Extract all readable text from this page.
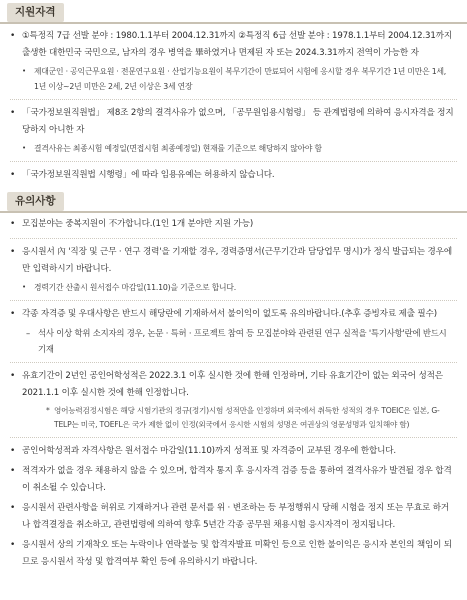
지원자격
• ①특정직 7급 선발 분야 : 1980.1.1부터 2004.12.31까지 ②특정직 6급 선발 분야 : 1978.1.1부터 2004.12.31까지 출생한 대한민국 국민으로, 남자의 경우 병역을 畢하였거나 면제된 자 또는 2024.3.31까지 전역이 가능한 자
•	제대군인 · 공익근무요원 · 전문연구요원 · 산업기능요원이 복무기간이 만료되어 시험에 응시할 경우 복무기간 1년 미만은 1세, 1년 이상~2년 미만은 2세, 2년 이상은 3세 연장
• 「국가정보원직원법」 제8조 2항의 결격사유가 없으며, 「공무원임용시험령」 등 관계법령에 의하여 응시자격을 정지당하지 아니한 자
•	결격사유는 최종시험 예정일(면접시험 최종예정일) 현재를 기준으로 해당하지 않아야 함
• 「국가정보원직원법 시행령」에 따라 임용유예는 허용하지 않습니다.
유의사항
• 모집분야는 중복지원이 不가합니다.(1인 1개 분야만 지원 가능)
• 응시원서 內 '직장 및 근무 · 연구 경력'을 기재할 경우, 경력증명서(근무기간과 담당업무 명시)가 정식 발급되는 경우에만 입력하시기 바랍니다.
•	경력기간 산출시 원서접수 마감일(11.10)을 기준으로 합니다.
• 각종 자격증 및 우대사항은 반드시 해당란에 기재하셔서 불이익이 없도록 유의바랍니다.(추후 증빙자료 제출 필수)
– 석사 이상 학위 소지자의 경우, 논문 · 특허 · 프로젝트 참여 등 모집분야와 관련된 연구 실적을 '특기사항'란에 반드시 기재
• 유효기간이 2년인 공인어학성적은 2022.3.1 이후 실시한 것에 한해 인정하며, 기타 유효기간이 없는 외국어 성적은 2021.1.1 이후 실시한 것에 한해 인정합니다.
* 영어능력검정시험은 해당 시험기관의 정규(정기)시험 성적만을 인정하며 외국에서 취득한 성적의 경우 TOEIC은 일본, G-TELP는 미국, TOEFL은 국가 제한 없이 인정(외국에서 응시한 시험의 성명은 여권상의 영문성명과 일치해야 함)
• 공인어학성적과 자격사항은 원서접수 마감일(11.10)까지 성적표 및 자격증이 교부된 경우에 한합니다.
• 적격자가 없을 경우 채용하지 않을 수 있으며, 합격자 통지 후 응시자격 검증 등을 통하여 결격사유가 발견될 경우 합격이 취소될 수 있습니다.
• 응시원서 관련사항을 허위로 기재하거나 관련 문서를 위 · 변조하는 등 부정행위시 당해 시험을 정지 또는 무효로 하거나 합격결정을 취소하고, 관련법령에 의하여 향후 5년간 각종 공무원 채용시험 응시자격이 정지됩니다.
• 응시원서 상의 기재착오 또는 누락이나 연락불능 및 합격자발표 미확인 등으로 인한 불이익은 응시자 본인의 책임이 되므로 응시원서 작성 및 합격여부 확인 등에 유의하시기 바랍니다.
